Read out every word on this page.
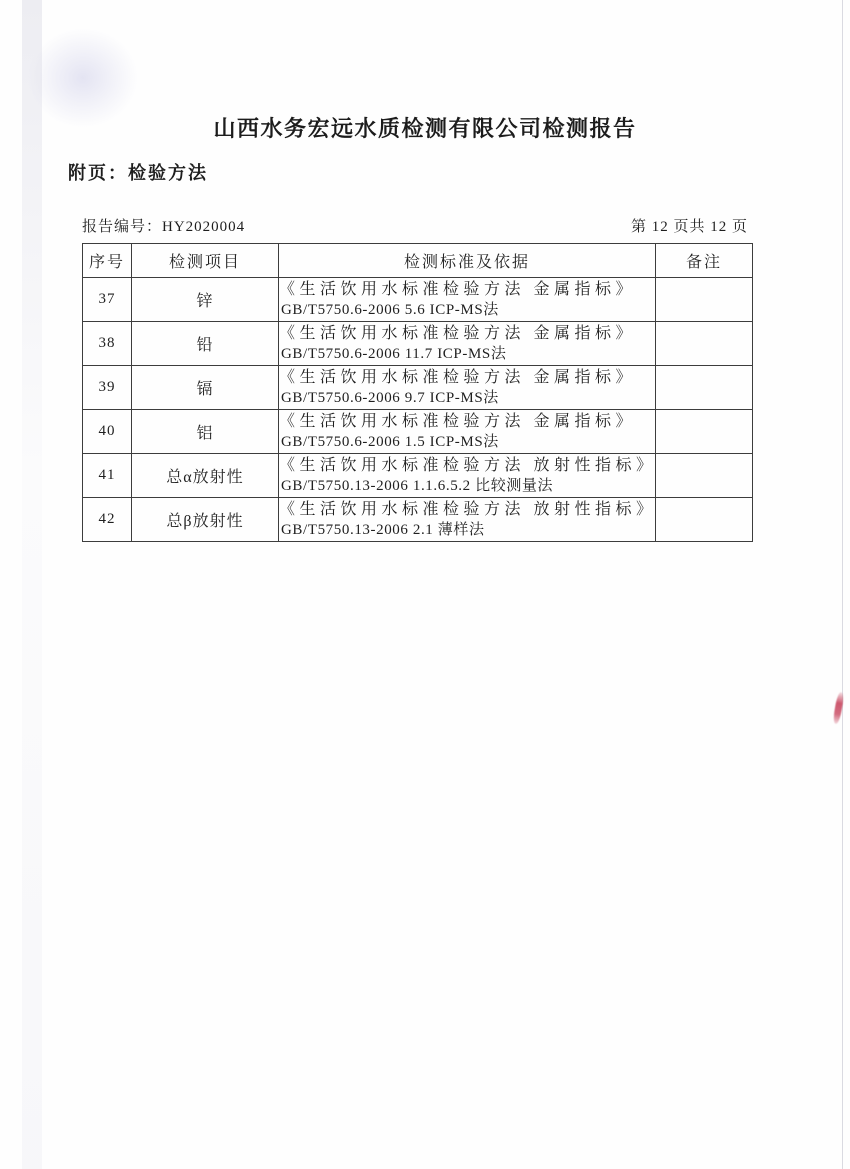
山西水务宏远水质检测有限公司检测报告
附页：检验方法
报告编号：HY2020004	第 12 页共 12 页
序号	检测项目	检测标准及依据	备注
37	锌	《生活饮用水标准检验方法 金属指标》
GB/T5750.6-2006 5.6 ICP-MS法	

38	铅	《生活饮用水标准检验方法 金属指标》
GB/T5750.6-2006 11.7 ICP-MS法	

39	镉	《生活饮用水标准检验方法 金属指标》
GB/T5750.6-2006 9.7 ICP-MS法	

40	铝	《生活饮用水标准检验方法 金属指标》
GB/T5750.6-2006 1.5 ICP-MS法	

41	总α放射性	《生活饮用水标准检验方法 放射性指标》
GB/T5750.13-2006 1.1.6.5.2 比较测量法	

42	总β放射性	《生活饮用水标准检验方法 放射性指标》
GB/T5750.13-2006 2.1 薄样法	
